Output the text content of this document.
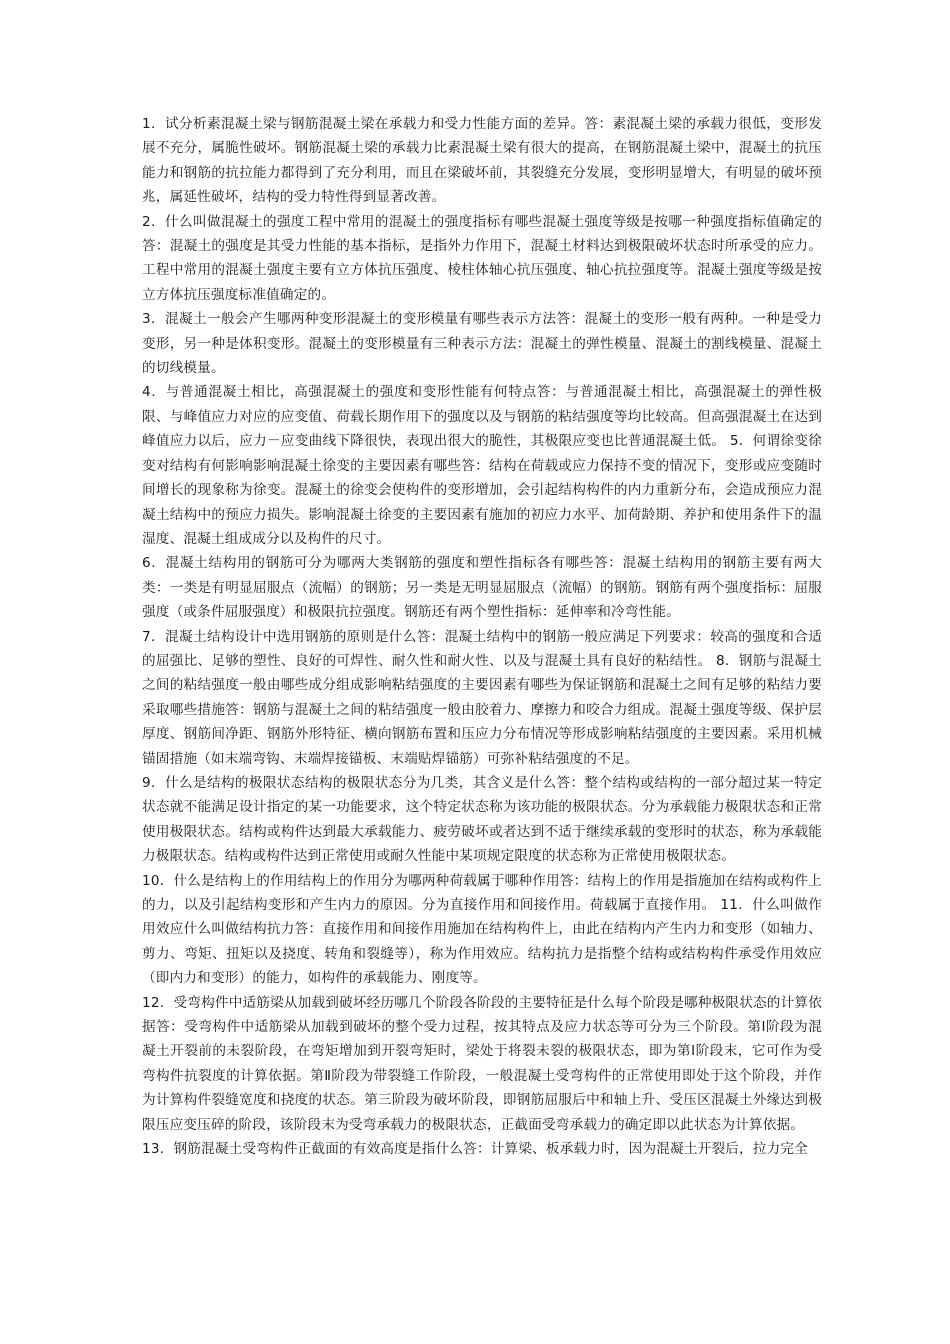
1．试分析素混凝土梁与钢筋混凝土梁在承载力和受力性能方面的差异。答：素混凝土梁的承载力很低，变形发展不充分，属脆性破坏。钢筋混凝土梁的承载力比素混凝土梁有很大的提高，在钢筋混凝土梁中，混凝土的抗压能力和钢筋的抗拉能力都得到了充分利用，而且在梁破坏前，其裂缝充分发展，变形明显增大，有明显的破坏预兆，属延性破坏，结构的受力特性得到显著改善。

2．什么叫做混凝土的强度工程中常用的混凝土的强度指标有哪些混凝土强度等级是按哪一种强度指标值确定的答：混凝土的强度是其受力性能的基本指标，是指外力作用下，混凝土材料达到极限破坏状态时所承受的应力。工程中常用的混凝土强度主要有立方体抗压强度、棱柱体轴心抗压强度、轴心抗拉强度等。混凝土强度等级是按立方体抗压强度标准值确定的。

3．混凝土一般会产生哪两种变形混凝土的变形模量有哪些表示方法答：混凝土的变形一般有两种。一种是受力变形，另一种是体积变形。混凝土的变形模量有三种表示方法：混凝土的弹性模量、混凝土的割线模量、混凝土的切线模量。

4．与普通混凝土相比，高强混凝土的强度和变形性能有何特点答：与普通混凝土相比，高强混凝土的弹性极限、与峰值应力对应的应变值、荷载长期作用下的强度以及与钢筋的粘结强度等均比较高。但高强混凝土在达到峰值应力以后，应力－应变曲线下降很快，表现出很大的脆性，其极限应变也比普通混凝土低。 5．何谓徐变徐变对结构有何影响影响混凝土徐变的主要因素有哪些答：结构在荷载或应力保持不变的情况下，变形或应变随时间增长的现象称为徐变。混凝土的徐变会使构件的变形增加，会引起结构构件的内力重新分布，会造成预应力混凝土结构中的预应力损失。影响混凝土徐变的主要因素有施加的初应力水平、加荷龄期、养护和使用条件下的温湿度、混凝土组成成分以及构件的尺寸。

6．混凝土结构用的钢筋可分为哪两大类钢筋的强度和塑性指标各有哪些答：混凝土结构用的钢筋主要有两大类：一类是有明显屈服点（流幅）的钢筋；另一类是无明显屈服点（流幅）的钢筋。钢筋有两个强度指标：屈服强度（或条件屈服强度）和极限抗拉强度。钢筋还有两个塑性指标：延伸率和冷弯性能。

7．混凝土结构设计中选用钢筋的原则是什么答：混凝土结构中的钢筋一般应满足下列要求：较高的强度和合适的屈强比、足够的塑性、良好的可焊性、耐久性和耐火性、以及与混凝土具有良好的粘结性。 8．钢筋与混凝土之间的粘结强度一般由哪些成分组成影响粘结强度的主要因素有哪些为保证钢筋和混凝土之间有足够的粘结力要采取哪些措施答：钢筋与混凝土之间的粘结强度一般由胶着力、摩擦力和咬合力组成。混凝土强度等级、保护层厚度、钢筋间净距、钢筋外形特征、横向钢筋布置和压应力分布情况等形成影响粘结强度的主要因素。采用机械锚固措施（如末端弯钩、末端焊接锚板、末端贴焊锚筋）可弥补粘结强度的不足。

9．什么是结构的极限状态结构的极限状态分为几类，其含义是什么答：整个结构或结构的一部分超过某一特定状态就不能满足设计指定的某一功能要求，这个特定状态称为该功能的极限状态。分为承载能力极限状态和正常使用极限状态。结构或构件达到最大承载能力、疲劳破坏或者达到不适于继续承载的变形时的状态，称为承载能力极限状态。结构或构件达到正常使用或耐久性能中某项规定限度的状态称为正常使用极限状态。

10．什么是结构上的作用结构上的作用分为哪两种荷载属于哪种作用答：结构上的作用是指施加在结构或构件上的力，以及引起结构变形和产生内力的原因。分为直接作用和间接作用。荷载属于直接作用。 11．什么叫做作用效应什么叫做结构抗力答：直接作用和间接作用施加在结构构件上，由此在结构内产生内力和变形（如轴力、剪力、弯矩、扭矩以及挠度、转角和裂缝等），称为作用效应。结构抗力是指整个结构或结构构件承受作用效应（即内力和变形）的能力，如构件的承载能力、刚度等。

12．受弯构件中适筋梁从加载到破坏经历哪几个阶段各阶段的主要特征是什么每个阶段是哪种极限状态的计算依据答：受弯构件中适筋梁从加载到破坏的整个受力过程，按其特点及应力状态等可分为三个阶段。第Ⅰ阶段为混凝土开裂前的未裂阶段，在弯矩增加到开裂弯矩时，梁处于将裂未裂的极限状态，即为第Ⅰ阶段末，它可作为受弯构件抗裂度的计算依据。第Ⅱ阶段为带裂缝工作阶段，一般混凝土受弯构件的正常使用即处于这个阶段，并作为计算构件裂缝宽度和挠度的状态。第三阶段为破坏阶段，即钢筋屈服后中和轴上升、受压区混凝土外缘达到极限压应变压碎的阶段，该阶段末为受弯承载力的极限状态，正截面受弯承载力的确定即以此状态为计算依据。

13．钢筋混凝土受弯构件正截面的有效高度是指什么答：计算梁、板承载力时，因为混凝土开裂后，拉力完全
